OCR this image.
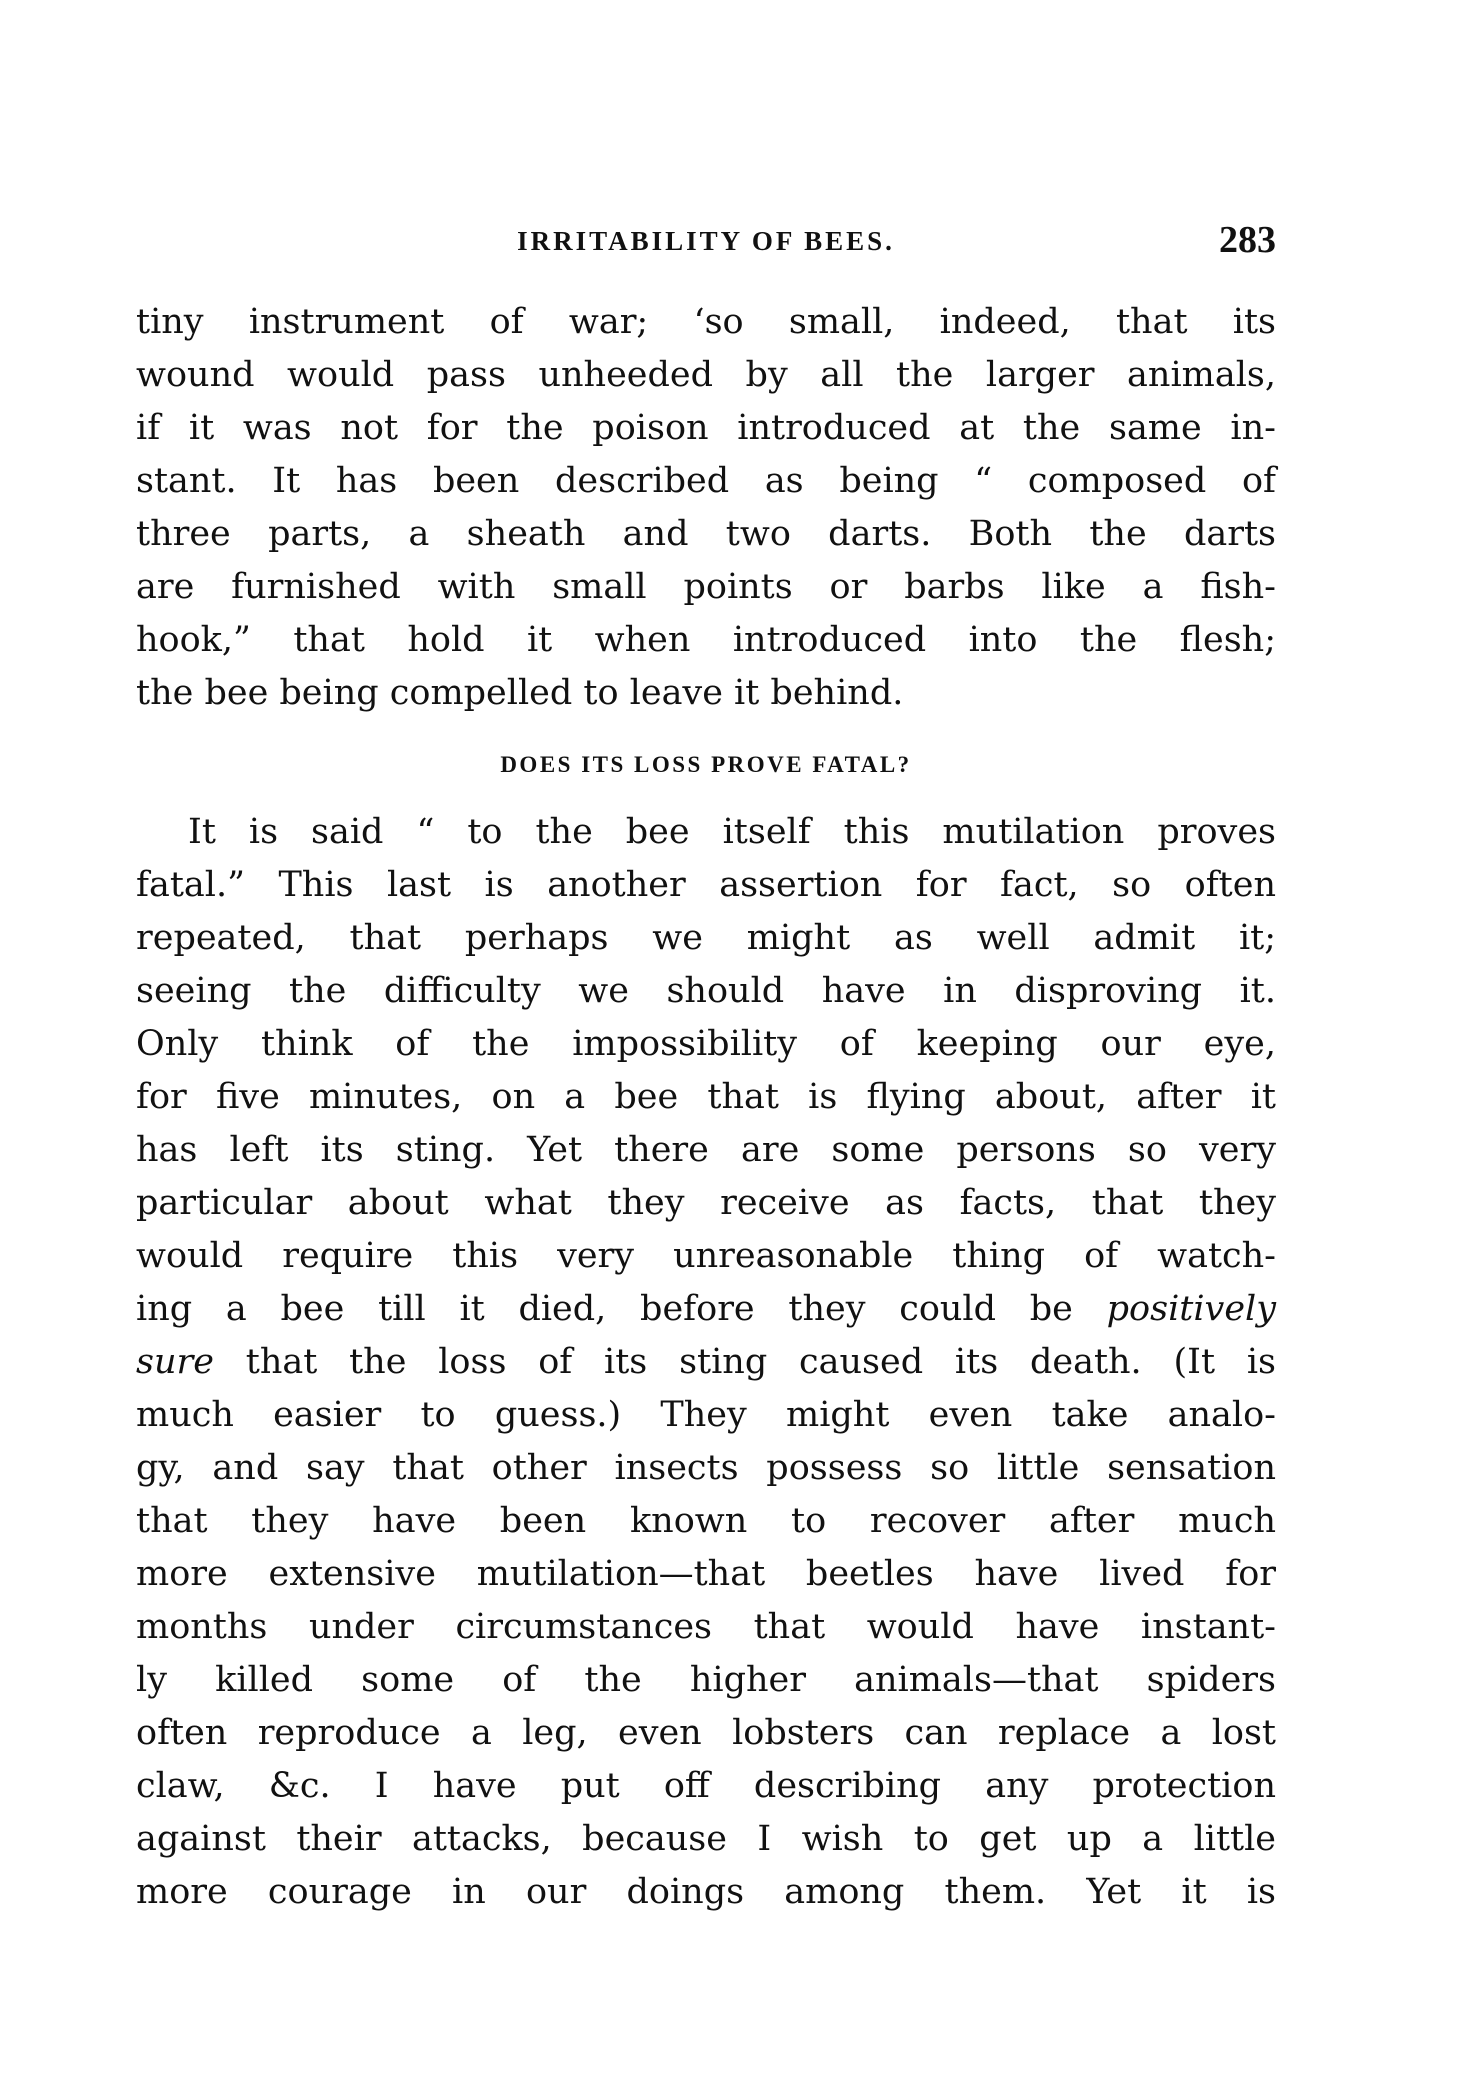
IRRITABILITY OF BEES.	283
tiny instrument of war; ‘so small, indeed, that its
wound would pass unheeded by all the larger animals,
if it was not for the poison introduced at the same in-
stant. It has been described as being “ composed of
three parts, a sheath and two darts. Both the darts
are furnished with small points or barbs like a fish-
hook,” that hold it when introduced into the flesh;
the bee being compelled to leave it behind.
DOES ITS LOSS PROVE FATAL?
It is said “ to the bee itself this mutilation proves
fatal.” This last is another assertion for fact, so often
repeated, that perhaps we might as well admit it;
seeing the difficulty we should have in disproving it.
Only think of the impossibility of keeping our eye,
for five minutes, on a bee that is flying about, after it
has left its sting. Yet there are some persons so very
particular about what they receive as facts, that they
would require this very unreasonable thing of watch-
ing a bee till it died, before they could be positively
sure that the loss of its sting caused its death. (It is
much easier to guess.) They might even take analo-
gy, and say that other insects possess so little sensation
that they have been known to recover after much
more extensive mutilation—that beetles have lived for
months under circumstances that would have instant-
ly killed some of the higher animals—that spiders
often reproduce a leg, even lobsters can replace a lost
claw, &c. I have put off describing any protection
against their attacks, because I wish to get up a little
more courage in our doings among them. Yet it is
